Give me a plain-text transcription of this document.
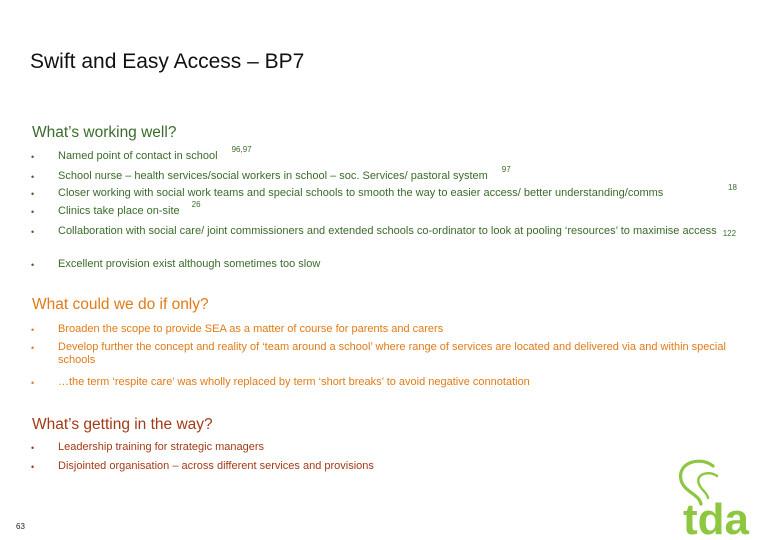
Swift and Easy Access – BP7
What’s working well?
• Named point of contact in school$^{96,97}$
• School nurse – health services/social workers in school – soc. Services/ pastoral system$^{97}$
• Closer working with social work teams and special schools to smooth the way to easier access/ better understanding/comms	18
• Clinics take place on-site$^{26}$
• Collaboration with social care/ joint commissioners and extended schools co-ordinator to look at pooling ‘resources’ to maximise access 122
• Excellent provision exist although sometimes too slow
What could we do if only?
• Broaden the scope to provide SEA as a matter of course for parents and carers
• Develop further the concept and reality of ‘team around a school’ where range of services are located and delivered via and within special schools
• …the term ‘respite care’ was wholly replaced by term ‘short breaks’ to avoid negative connotation
What’s getting in the way?
• Leadership training for strategic managers
• Disjointed organisation – across different services and provisions
63	tda
